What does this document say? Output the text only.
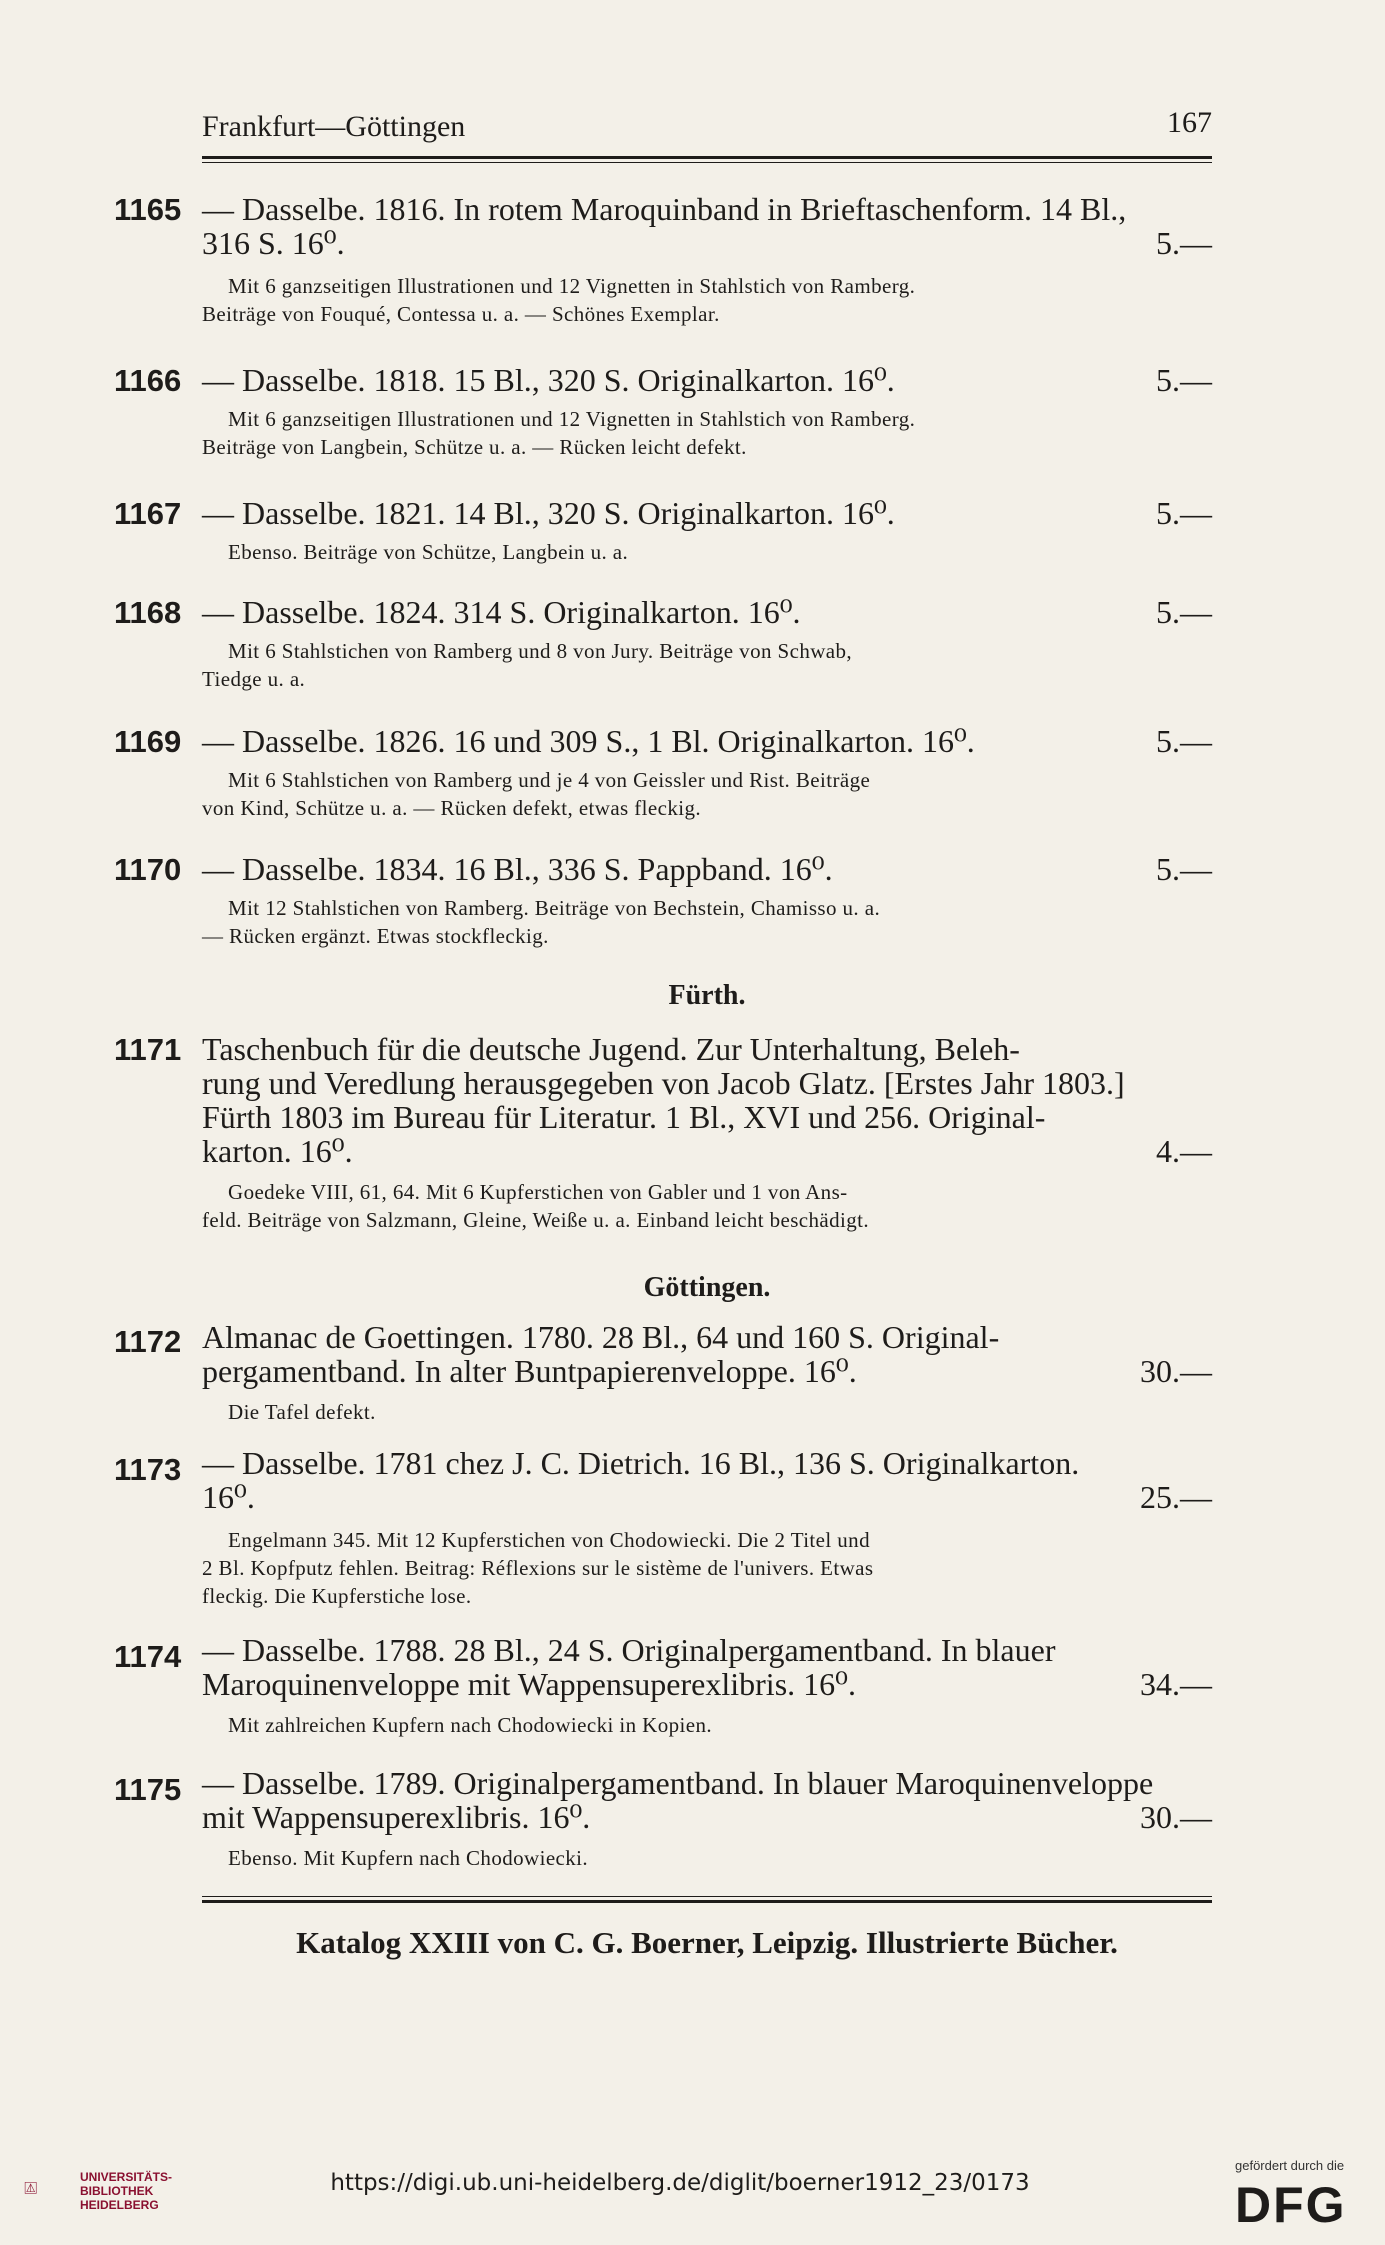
Frankfurt—Göttingen	167
1165 — Dasselbe. 1816. In rotem Maroquinband in Brieftaschenform. 14 Bl.,
316 S. 16⁰.	5.—
Mit 6 ganzseitigen Illustrationen und 12 Vignetten in Stahlstich von Ramberg.
Beiträge von Fouqué, Contessa u. a. — Schönes Exemplar.
1166 — Dasselbe. 1818. 15 Bl., 320 S. Originalkarton. 16⁰.	5.—
Mit 6 ganzseitigen Illustrationen und 12 Vignetten in Stahlstich von Ramberg.
Beiträge von Langbein, Schütze u. a. — Rücken leicht defekt.
1167 — Dasselbe. 1821. 14 Bl., 320 S. Originalkarton. 16⁰.	5.—
Ebenso. Beiträge von Schütze, Langbein u. a.
1168 — Dasselbe. 1824. 314 S. Originalkarton. 16⁰.	5.—
Mit 6 Stahlstichen von Ramberg und 8 von Jury. Beiträge von Schwab,
Tiedge u. a.
1169 — Dasselbe. 1826. 16 und 309 S., 1 Bl. Originalkarton. 16⁰.	5.—
Mit 6 Stahlstichen von Ramberg und je 4 von Geissler und Rist. Beiträge
von Kind, Schütze u. a. — Rücken defekt, etwas fleckig.
1170 — Dasselbe. 1834. 16 Bl., 336 S. Pappband. 16⁰.	5.—
Mit 12 Stahlstichen von Ramberg. Beiträge von Bechstein, Chamisso u. a.
— Rücken ergänzt. Etwas stockfleckig.
Fürth.
1171 Taschenbuch für die deutsche Jugend. Zur Unterhaltung, Beleh-
rung und Veredlung herausgegeben von Jacob Glatz. [Erstes Jahr 1803.]
Fürth 1803 im Bureau für Literatur. 1 Bl., XVI und 256. Original-
karton. 16⁰.	4.—
Goedeke VIII, 61, 64. Mit 6 Kupferstichen von Gabler und 1 von Ans-
feld. Beiträge von Salzmann, Gleine, Weiße u. a. Einband leicht beschädigt.
Göttingen.
1172 Almanac de Goettingen. 1780. 28 Bl., 64 und 160 S. Original-
pergamentband. In alter Buntpapierenveloppe. 16⁰.	30.—
Die Tafel defekt.
1173 — Dasselbe. 1781 chez J. C. Dietrich. 16 Bl., 136 S. Originalkarton.
16⁰.	25.—
Engelmann 345. Mit 12 Kupferstichen von Chodowiecki. Die 2 Titel und
2 Bl. Kopfputz fehlen. Beitrag: Réflexions sur le sistème de l'univers. Etwas
fleckig. Die Kupferstiche lose.
1174 — Dasselbe. 1788. 28 Bl., 24 S. Originalpergamentband. In blauer
Maroquinenveloppe mit Wappensuperexlibris. 16⁰.	34.—
Mit zahlreichen Kupfern nach Chodowiecki in Kopien.
1175 — Dasselbe. 1789. Originalpergamentband. In blauer Maroquinenveloppe
mit Wappensuperexlibris. 16⁰.	30.—
Ebenso. Mit Kupfern nach Chodowiecki.
Katalog XXIII von C. G. Boerner, Leipzig. Illustrierte Bücher.
UNIVERSITÄTS-
BIBLIOTHEK
HEIDELBERG
https://digi.ub.uni-heidelberg.de/diglit/boerner1912_23/0173
gefördert durch die
DFG
